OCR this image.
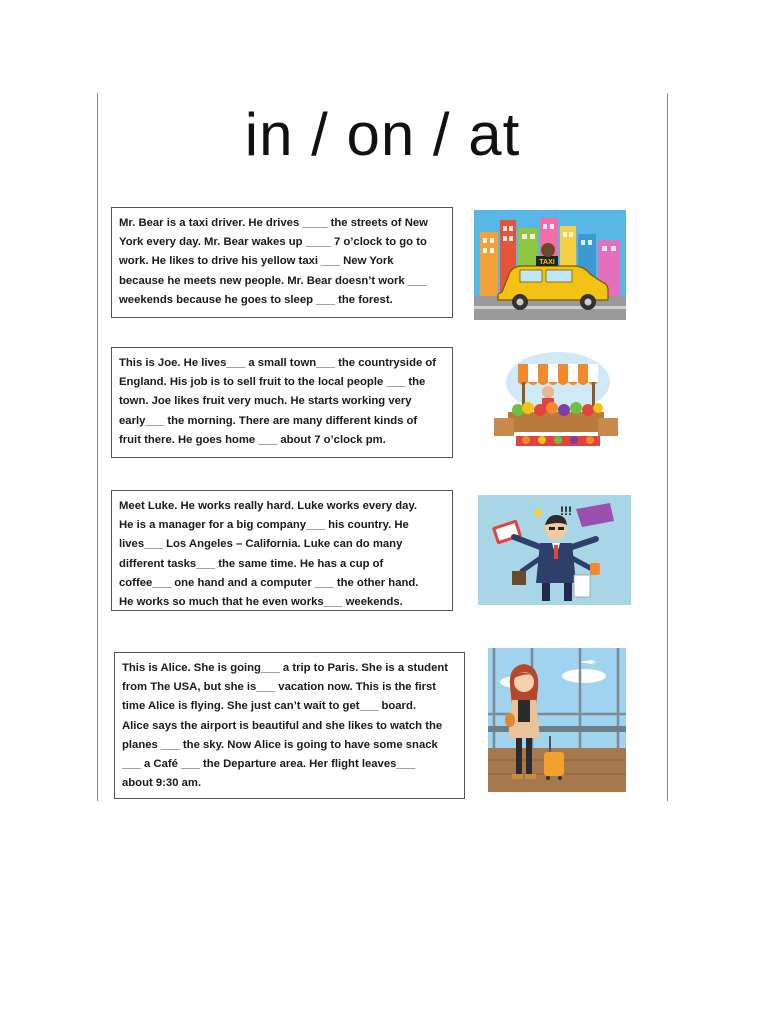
in / on / at

Mr. Bear is a taxi driver. He drives ____ the streets of New

York every day. Mr. Bear wakes up ____ 7 o’clock to go to

work. He likes to drive his yellow taxi ___ New York

because he meets new people. Mr. Bear doesn’t work ___

weekends because he goes to sleep ___ the forest.

TAXI

This is Joe. He lives___ a small town___ the countryside of

England. His job is to sell fruit to the local people ___ the

town. Joe likes fruit very much. He starts working very

early___ the morning. There are many different kinds of

fruit there. He goes home ___ about 7 o’clock pm.

Meet Luke. He works really hard. Luke works every day.

He is a manager for a big company___ his country. He

lives___ Los Angeles – California. Luke can do many

different tasks___ the same time. He has a cup of

coffee___ one hand and a computer ___ the other hand.

He works so much that he even works___ weekends.

!!!

This is Alice. She is going___ a trip to Paris. She is a student

from The USA, but she is___ vacation now. This is the first

time Alice is flying. She just can’t wait to get___ board.

Alice says the airport is beautiful and she likes to watch the

planes ___ the sky. Now Alice is going to have some snack

___ a Café ___ the Departure area. Her flight leaves___

about 9:30 am.
